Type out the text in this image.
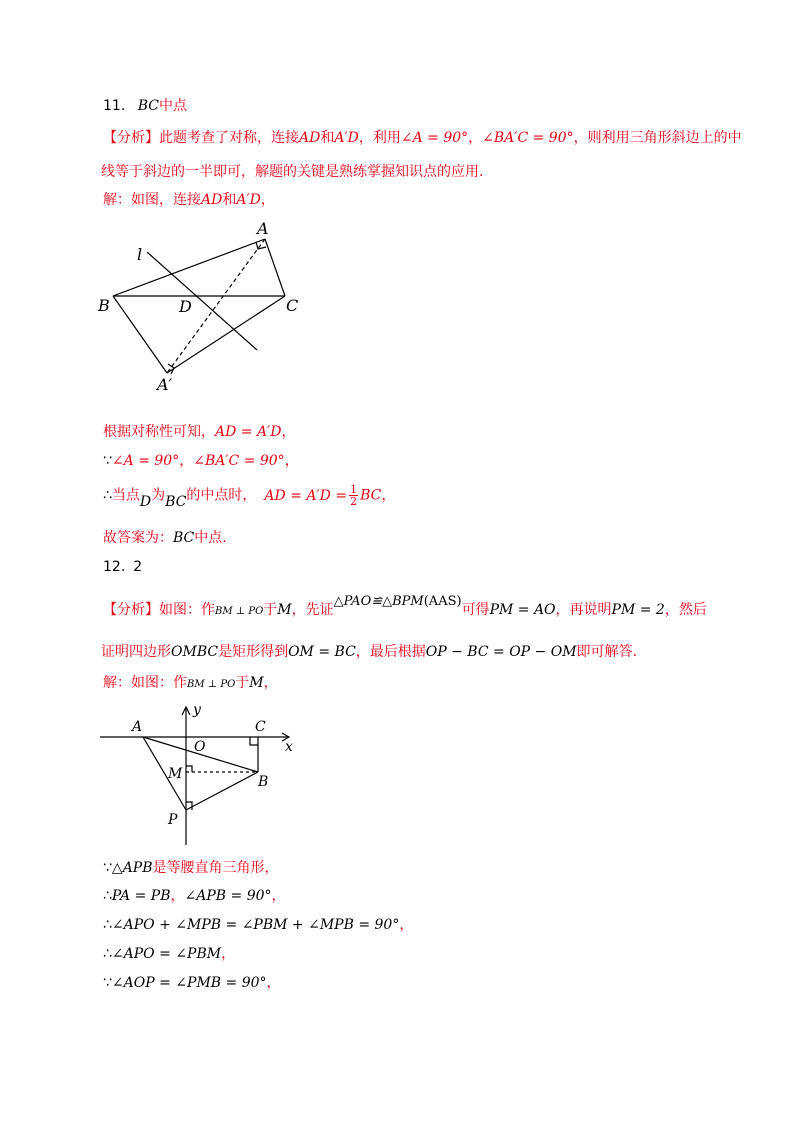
11. BC中点
【分析】此题考查了对称，连接AD和A′D，利用∠A = 90°，∠BA′C = 90°，则利用三角形斜边上的中
线等于斜边的一半即可，解题的关键是熟练掌握知识点的应用.
解：如图，连接AD和A′D，
A
B	C
D
A′
l
根据对称性可知，AD = A′D，
∵∠A = 90°，∠BA′C = 90°，
∴当点D为BC的中点时， AD = $A'D = \frac{1}{2}$ BC，
故答案为：BC中点.
12. 2
【分析】如图：作BM ⊥ PO于M，先证△PAO≌△BPM(AAS)可得PM = AO，再说明PM = 2，然后
证明四边形OMBC是矩形得到OM = BC，最后根据OP − BC = OP − OM即可解答.
解：如图：作BM ⊥ PO于M，
A
O
C
x
y
M	B
P
∵△APB是等腰直角三角形，
∴PA = PB，∠APB = 90°，
∴∠APO + ∠MPB = ∠PBM + ∠MPB = 90°，
∴∠APO = ∠PBM，
∵∠AOP = ∠PMB = 90°，
